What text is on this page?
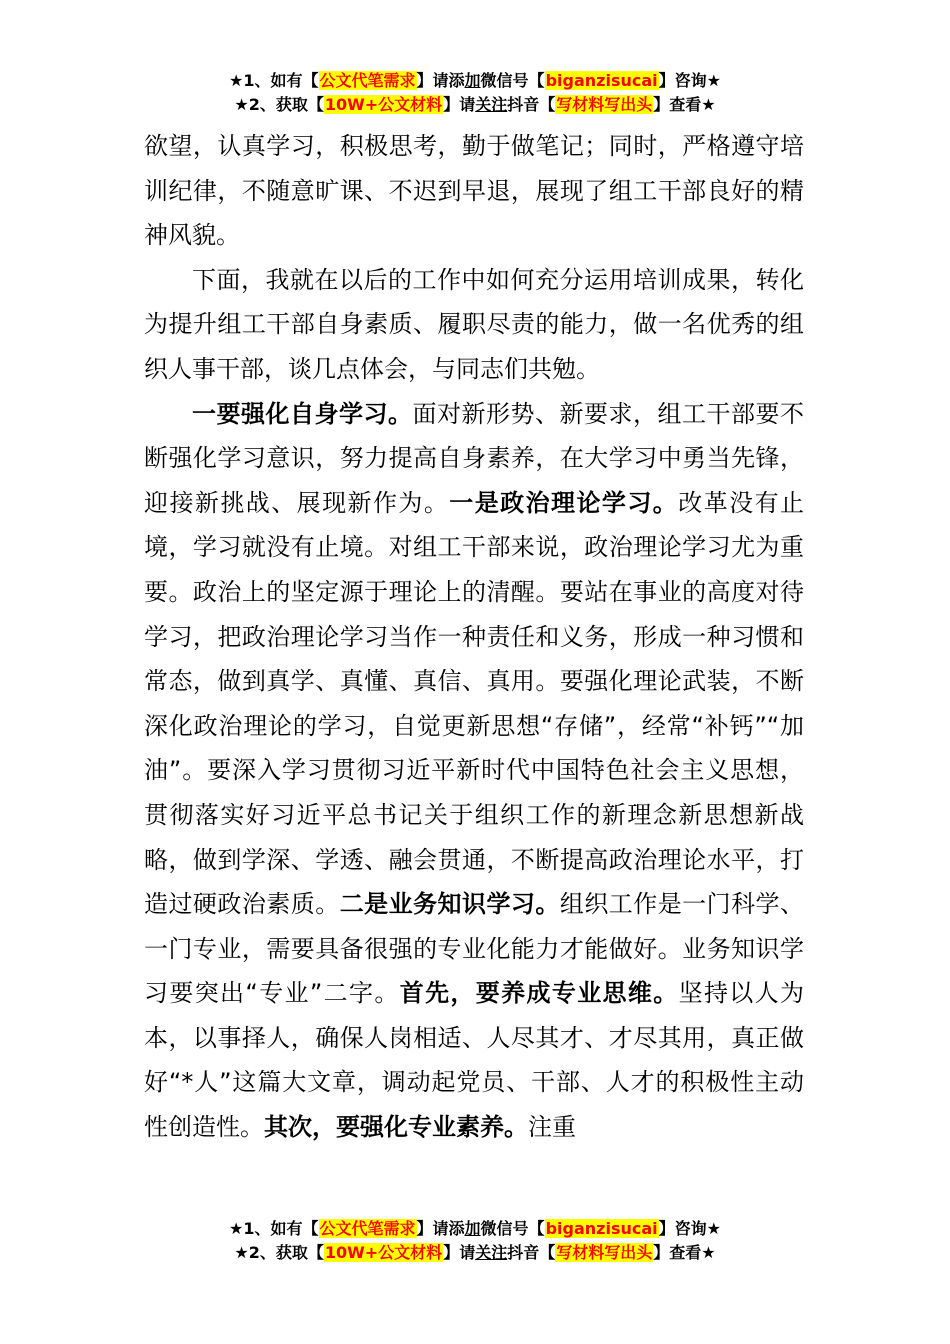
★1、如有【公文代笔需求】请添加微信号【biganzisucai】咨询★
★2、获取【10W+公文材料】请关注抖音【写材料写出头】查看★

欲望，认真学习，积极思考，勤于做笔记；同时，严格遵守培训纪律，不随意旷课、不迟到早退，展现了组工干部良好的精神风貌。

下面，我就在以后的工作中如何充分运用培训成果，转化为提升组工干部自身素质、履职尽责的能力，做一名优秀的组织人事干部，谈几点体会，与同志们共勉。

一要强化自身学习。面对新形势、新要求，组工干部要不断强化学习意识，努力提高自身素养，在大学习中勇当先锋，迎接新挑战、展现新作为。一是政治理论学习。改革没有止境，学习就没有止境。对组工干部来说，政治理论学习尤为重要。政治上的坚定源于理论上的清醒。要站在事业的高度对待学习，把政治理论学习当作一种责任和义务，形成一种习惯和常态，做到真学、真懂、真信、真用。要强化理论武装，不断深化政治理论的学习，自觉更新思想“存储”，经常“补钙”“加油”。要深入学习贯彻习近平新时代中国特色社会主义思想，贯彻落实好习近平总书记关于组织工作的新理念新思想新战略，做到学深、学透、融会贯通，不断提高政治理论水平，打造过硬政治素质。二是业务知识学习。组织工作是一门科学、一门专业，需要具备很强的专业化能力才能做好。业务知识学习要突出“专业”二字。首先，要养成专业思维。坚持以人为本，以事择人，确保人岗相适、人尽其才、才尽其用，真正做好“*人”这篇大文章，调动起党员、干部、人才的积极性主动性创造性。其次，要强化专业素养。注重

★1、如有【公文代笔需求】请添加微信号【biganzisucai】咨询★
★2、获取【10W+公文材料】请关注抖音【写材料写出头】查看★
